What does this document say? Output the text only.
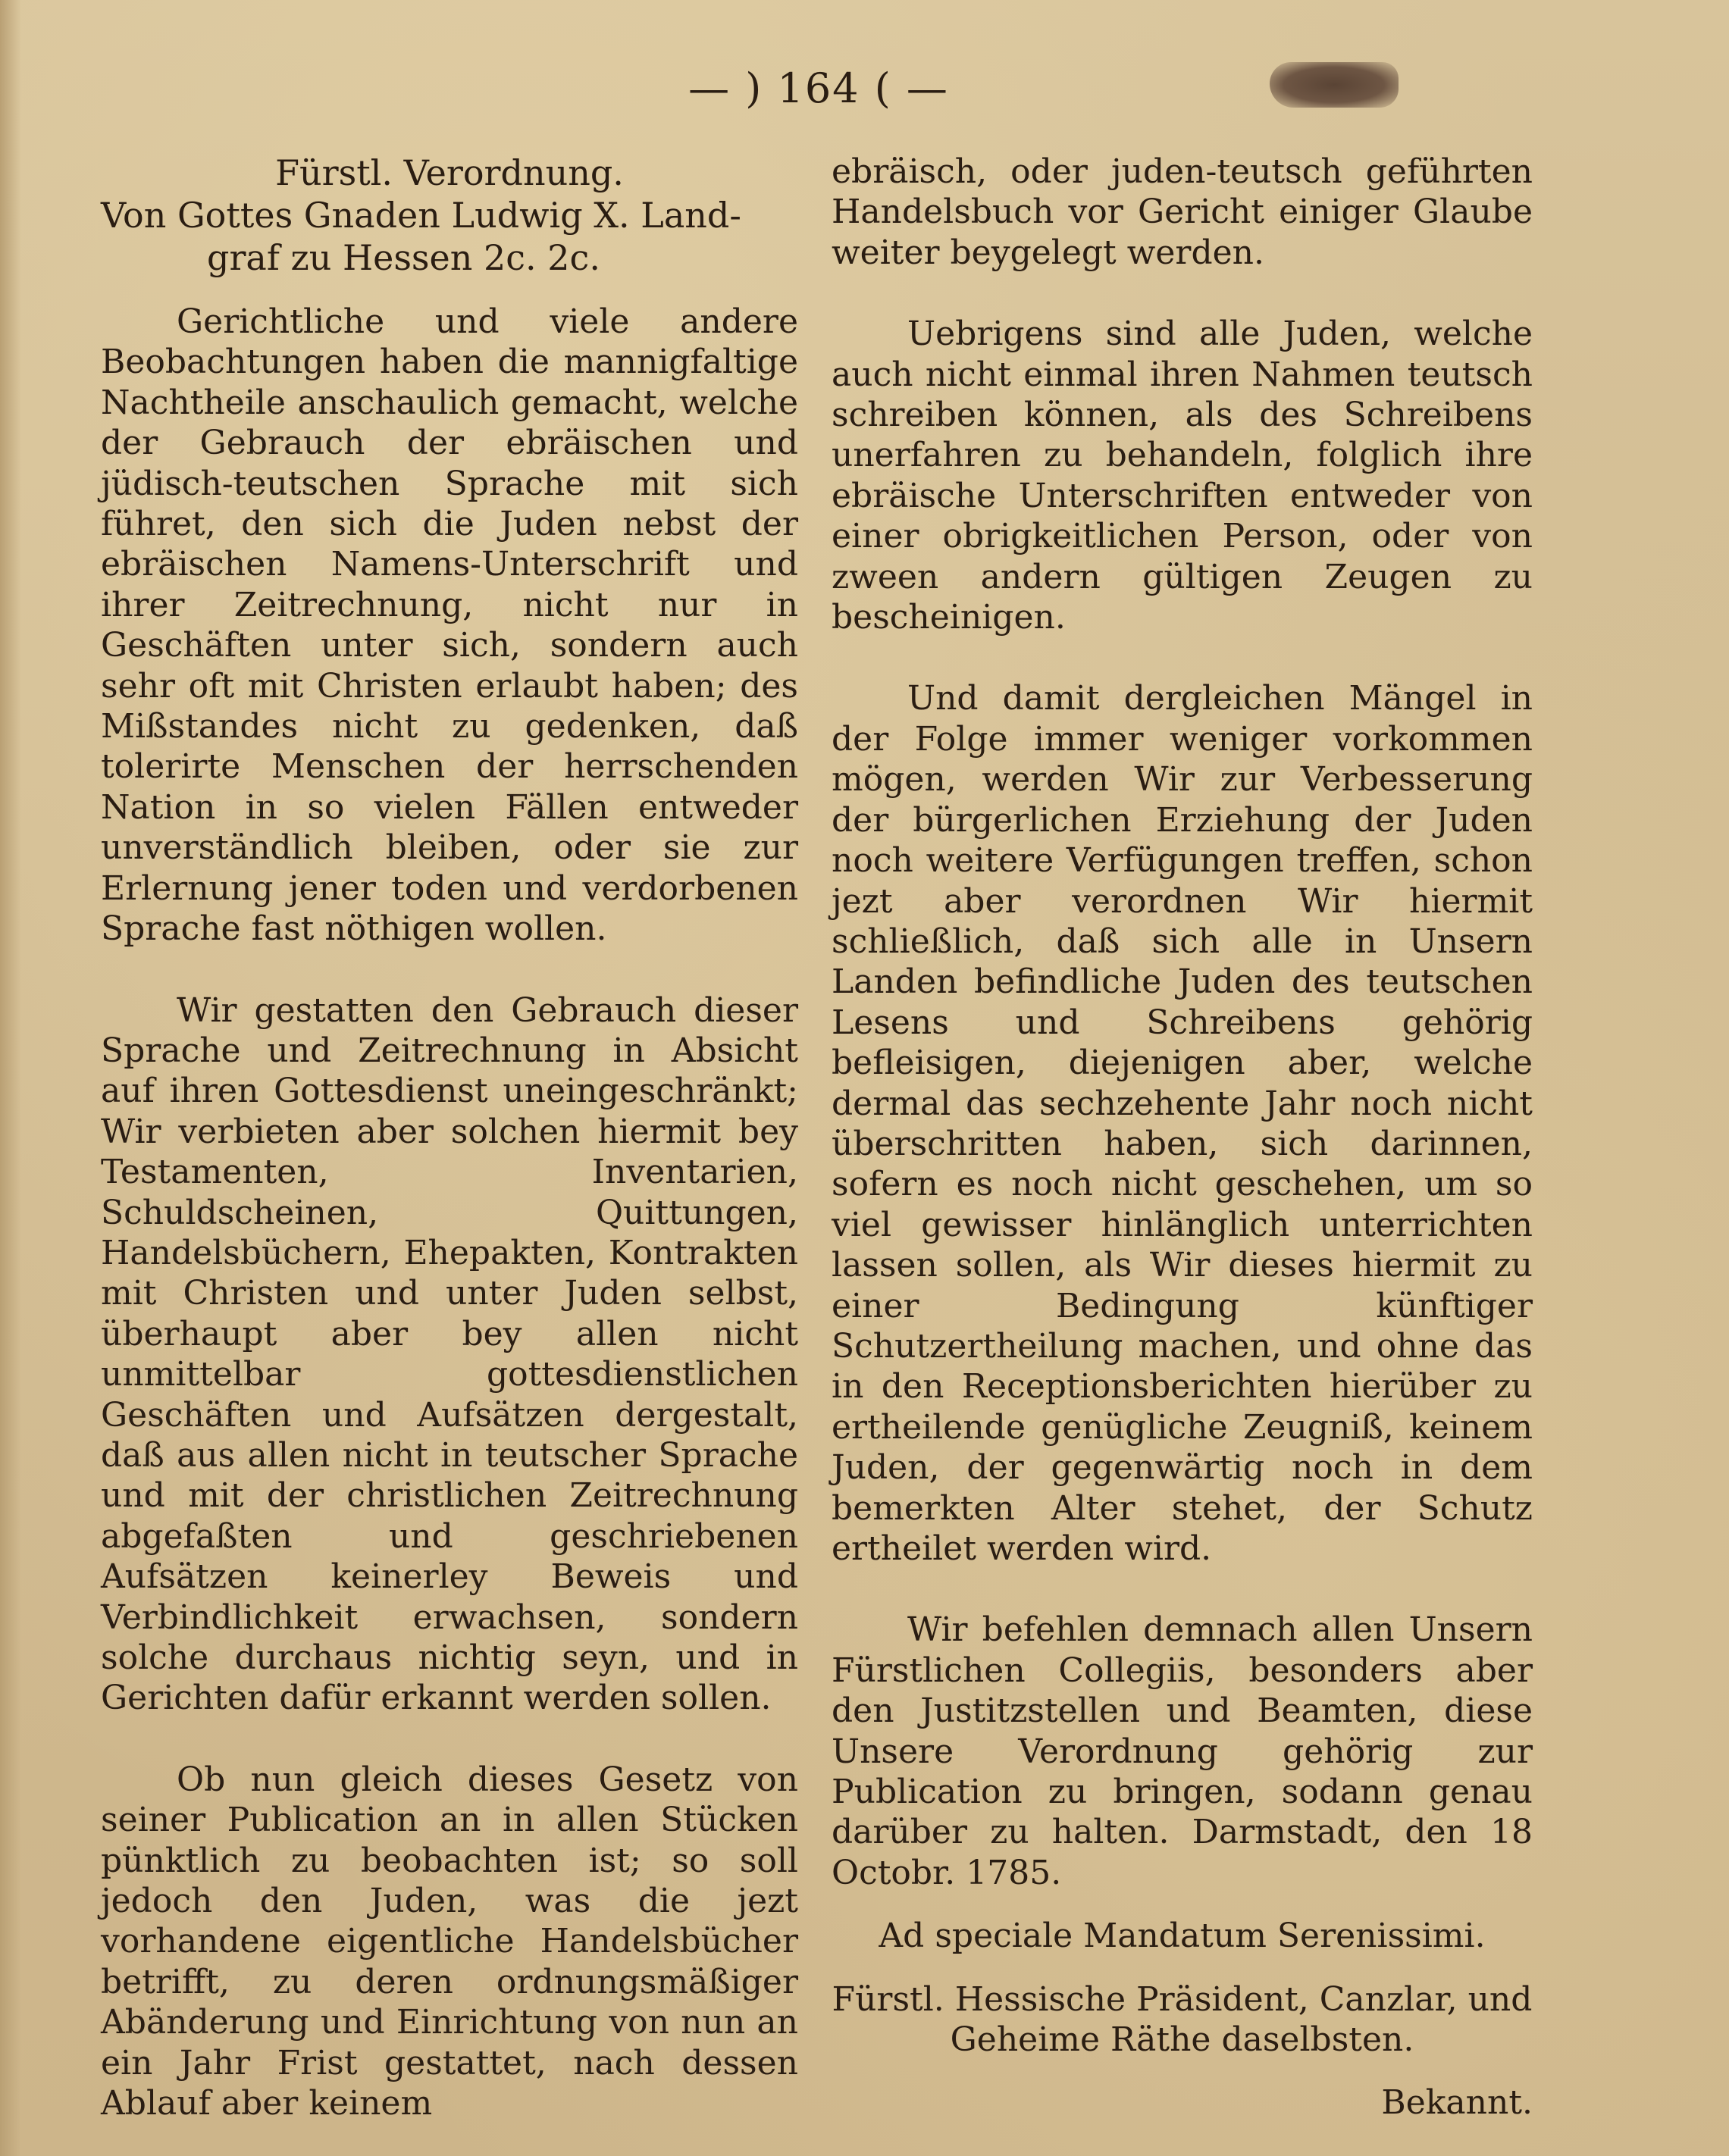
— ) 164 ( —

Fürstl. Verordnung.

Von Gottes Gnaden Ludwig X. Land-
graf zu Hessen 2c. 2c.

Gerichtliche und viele andere Beobachtungen haben die mannigfaltige Nachtheile anschaulich gemacht, welche der Gebrauch der ebräischen und jüdisch-teutschen Sprache mit sich führet, den sich die Juden nebst der ebräischen Namens-Unterschrift und ihrer Zeitrechnung, nicht nur in Geschäften unter sich, sondern auch sehr oft mit Christen erlaubt haben; des Mißstandes nicht zu gedenken, daß tolerirte Menschen der herrschenden Nation in so vielen Fällen entweder unverständlich bleiben, oder sie zur Erlernung jener toden und verdorbenen Sprache fast nöthigen wollen.

Wir gestatten den Gebrauch dieser Sprache und Zeitrechnung in Absicht auf ihren Gottesdienst uneingeschränkt; Wir verbieten aber solchen hiermit bey Testamenten, Inventarien, Schuldscheinen, Quittungen, Handelsbüchern, Ehepakten, Kontrakten mit Christen und unter Juden selbst, überhaupt aber bey allen nicht unmittelbar gottesdienstlichen Geschäften und Aufsätzen dergestalt, daß aus allen nicht in teutscher Sprache und mit der christlichen Zeitrechnung abgefaßten und geschriebenen Aufsätzen keinerley Beweis und Verbindlichkeit erwachsen, sondern solche durchaus nichtig seyn, und in Gerichten dafür erkannt werden sollen.

Ob nun gleich dieses Gesetz von seiner Publication an in allen Stücken pünktlich zu beobachten ist; so soll jedoch den Juden, was die jezt vorhandene eigentliche Handelsbücher betrifft, zu deren ordnungsmäßiger Abänderung und Einrichtung von nun an ein Jahr Frist gestattet, nach dessen Ablauf aber keinem

ebräisch, oder juden-teutsch geführten Handelsbuch vor Gericht einiger Glaube weiter beygelegt werden.

Uebrigens sind alle Juden, welche auch nicht einmal ihren Nahmen teutsch schreiben können, als des Schreibens unerfahren zu behandeln, folglich ihre ebräische Unterschriften entweder von einer obrigkeitlichen Person, oder von zween andern gültigen Zeugen zu bescheinigen.

Und damit dergleichen Mängel in der Folge immer weniger vorkommen mögen, werden Wir zur Verbesserung der bürgerlichen Erziehung der Juden noch weitere Verfügungen treffen, schon jezt aber verordnen Wir hiermit schließlich, daß sich alle in Unsern Landen befindliche Juden des teutschen Lesens und Schreibens gehörig befleisigen, diejenigen aber, welche dermal das sechzehente Jahr noch nicht überschritten haben, sich darinnen, sofern es noch nicht geschehen, um so viel gewisser hinlänglich unterrichten lassen sollen, als Wir dieses hiermit zu einer Bedingung künftiger Schutzertheilung machen, und ohne das in den Receptionsberichten hierüber zu ertheilende genügliche Zeugniß, keinem Juden, der gegenwärtig noch in dem bemerkten Alter stehet, der Schutz ertheilet werden wird.

Wir befehlen demnach allen Unsern Fürstlichen Collegiis, besonders aber den Justitzstellen und Beamten, diese Unsere Verordnung gehörig zur Publication zu bringen, sodann genau darüber zu halten. Darmstadt, den 18 Octobr. 1785.

Ad speciale Mandatum Serenissimi.

Fürstl. Hessische Präsident, Canzlar, und

Geheime Räthe daselbsten.

Bekannt.
